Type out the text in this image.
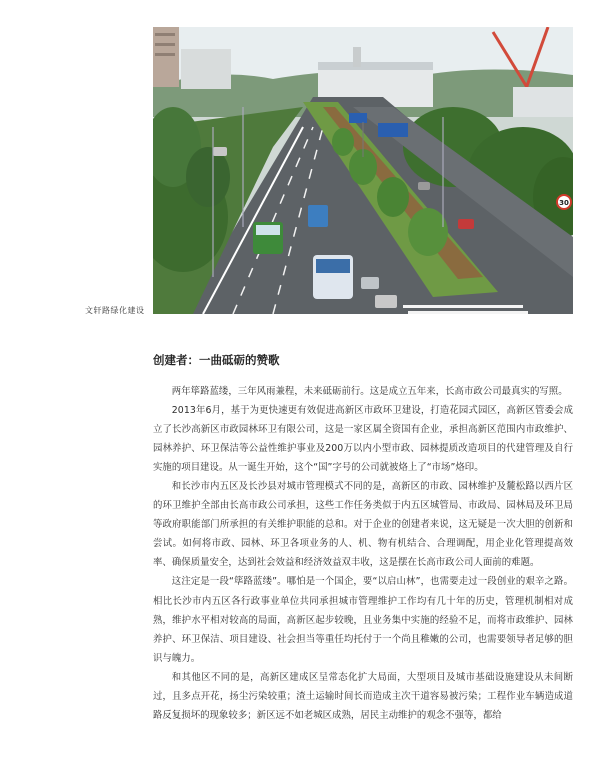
30
文轩路绿化建设
创建者：一曲砥砺的赞歌

两年筚路蓝缕，三年风雨兼程，未来砥砺前行。这是成立五年来，长高市政公司最真实的写照。

2013年6月，基于为更快速更有效促进高新区市政环卫建设，打造花园式园区，高新区管委会成立了长沙高新区市政园林环卫有限公司，这是一家区属全资国有企业，承担高新区范围内市政维护、园林养护、环卫保洁等公益性维护事业及200万以内小型市政、园林提质改造项目的代建管理及自行实施的项目建设。从一诞生开始，这个“国”字号的公司就被烙上了“市场”烙印。

和长沙市内五区及长沙县对城市管理模式不同的是，高新区的市政、园林维护及麓松路以西片区的环卫维护全部由长高市政公司承担，这些工作任务类似于内五区城管局、市政局、园林局及环卫局等政府职能部门所承担的有关维护职能的总和。对于企业的创建者来说，这无疑是一次大胆的创新和尝试。如何将市政、园林、环卫各项业务的人、机、物有机结合、合理调配，用企业化管理提高效率、确保质量安全，达到社会效益和经济效益双丰收，这是摆在长高市政公司人面前的难题。

这注定是一段“筚路蓝缕”。哪怕是一个国企，要“以启山林”，也需要走过一段创业的艰辛之路。相比长沙市内五区各行政事业单位共同承担城市管理维护工作均有几十年的历史，管理机制相对成熟，维护水平相对较高的局面，高新区起步较晚，且业务集中实施的经验不足，而将市政维护、园林养护、环卫保洁、项目建设、社会担当等重任均托付于一个尚且稚嫩的公司，也需要领导者足够的胆识与魄力。

和其他区不同的是，高新区建成区呈常态化扩大局面，大型项目及城市基础设施建设从未间断过，且多点开花，扬尘污染较重；渣土运输时间长而造成主次干道容易被污染；工程作业车辆造成道路反复损坏的现象较多；新区远不如老城区成熟，居民主动维护的观念不强等，都给
